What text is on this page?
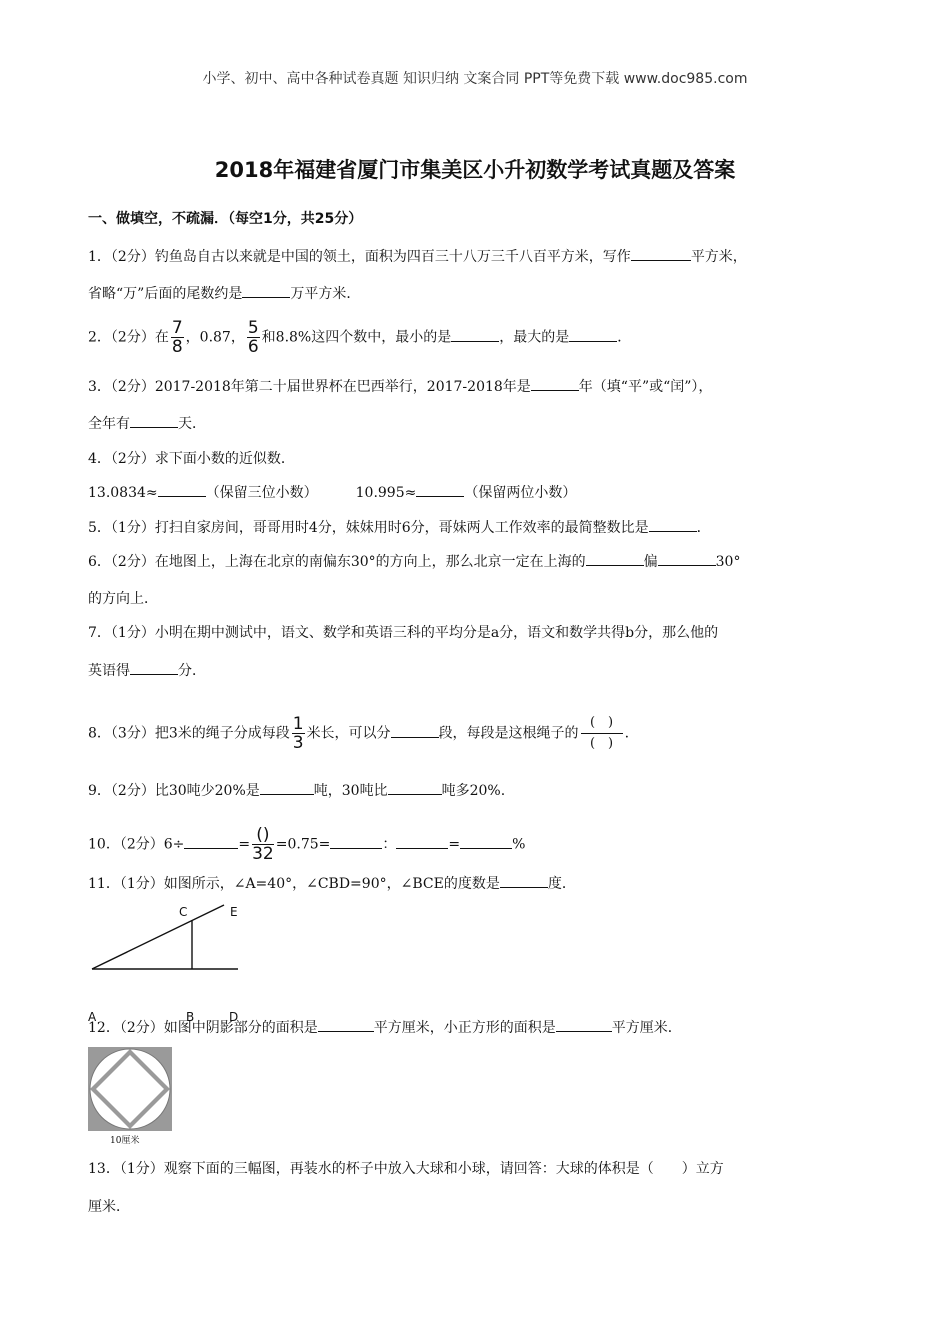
小学、初中、高中各种试卷真题 知识归纳 文案合同 PPT等免费下载 www.doc985.com
2018年福建省厦门市集美区小升初数学考试真题及答案
一、做填空，不疏漏．（每空1分，共25分）
1．（2分）钓鱼岛自古以来就是中国的领土，面积为四百三十八万三千八百平方米，写作	平方米，
省略“万”后面的尾数约是	万平方米．
2．（2分）在 $\frac{7}{8}$ ，0.87， $\frac{5}{6}$ 和8.8%这四个数中，最小的是	，最大的是	．
3．（2分）2017-2018年第二十届世界杯在巴西举行，2017-2018年是	年（填“平”或“闰”），
全年有	天．
4．（2分）求下面小数的近似数．
13.0834≈	（保留三位小数）	10.995≈	（保留两位小数）
5．（1分）打扫自家房间，哥哥用时4分，妹妹用时6分，哥妹两人工作效率的最简整数比是	．
6．（2分）在地图上，上海在北京的南偏东30°的方向上，那么北京一定在上海的	偏	30°
的方向上．
7．（1分）小明在期中测试中，语文、数学和英语三科的平均分是a分，语文和数学共得b分，那么他的
英语得	分．
8．（3分）把3米的绳子分成每段 $\frac{1}{3}$ 米长，可以分	段，每段是这根绳子的
(　)
(　)
.
9．（2分）比30吨少20%是	吨，30吨比	吨多20%.
10．（2分）6÷	= $\frac{()}{32} =0.75=$	：	=	%
11．（1分）如图所示，∠A=40°，∠CBD=90°，∠BCE的度数是	度．
C	E
A	B	D
12．（2分）如图中阴影部分的面积是	平方厘米，小正方形的面积是	平方厘米．
10厘米
13．（1分）观察下面的三幅图，再装水的杯子中放入大球和小球，请回答：大球的体积是（　　）立方
厘米．
